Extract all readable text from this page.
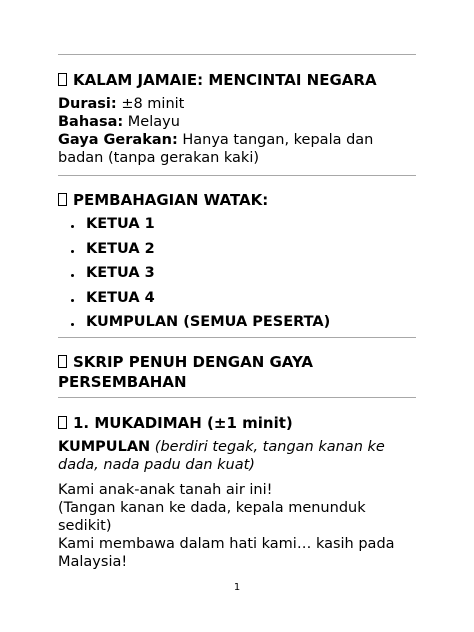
KALAM JAMAIE: MENCINTAI NEGARA
Durasi: ±8 minit
Bahasa: Melayu
Gaya Gerakan: Hanya tangan, kepala dan badan (tanpa gerakan kaki)
PEMBAHAGIAN WATAK:
KETUA 1
KETUA 2
KETUA 3
KETUA 4
KUMPULAN (SEMUA PESERTA)
SKRIP PENUH DENGAN GAYA PERSEMBAHAN
1. MUKADIMAH (±1 minit)
KUMPULAN (berdiri tegak, tangan kanan ke dada, nada padu dan kuat)
Kami anak-anak tanah air ini!
(Tangan kanan ke dada, kepala menunduk sedikit)
Kami membawa dalam hati kami… kasih pada Malaysia!
1
